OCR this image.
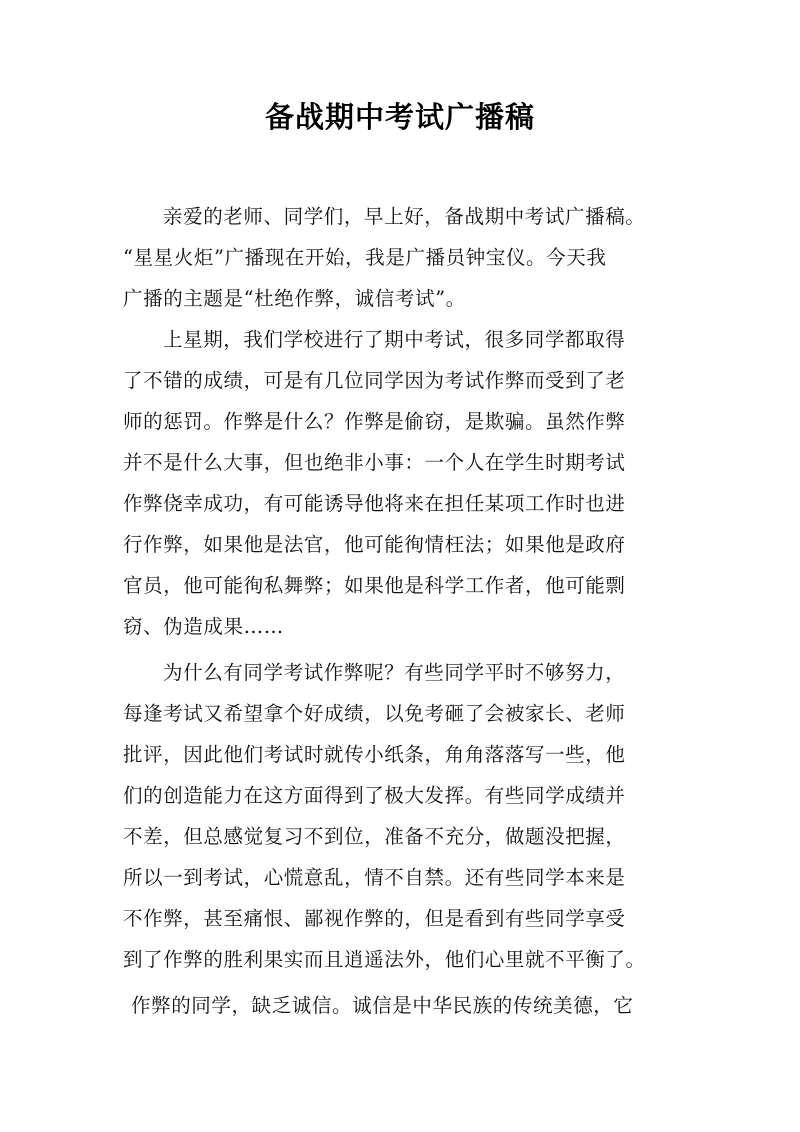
备战期中考试广播稿

亲爱的老师、同学们，早上好，备战期中考试广播稿。

“星星火炬”广播现在开始，我是广播员钟宝仪。今天我

广播的主题是“杜绝作弊，诚信考试”。

上星期，我们学校进行了期中考试，很多同学都取得

了不错的成绩，可是有几位同学因为考试作弊而受到了老

师的惩罚。作弊是什么？作弊是偷窃，是欺骗。虽然作弊

并不是什么大事，但也绝非小事：一个人在学生时期考试

作弊侥幸成功，有可能诱导他将来在担任某项工作时也进

行作弊，如果他是法官，他可能徇情枉法；如果他是政府

官员，他可能徇私舞弊；如果他是科学工作者，他可能剽

窃、伪造成果……

为什么有同学考试作弊呢？有些同学平时不够努力，

每逢考试又希望拿个好成绩，以免考砸了会被家长、老师

批评，因此他们考试时就传小纸条，角角落落写一些，他

们的创造能力在这方面得到了极大发挥。有些同学成绩并

不差，但总感觉复习不到位，准备不充分，做题没把握，

所以一到考试，心慌意乱，情不自禁。还有些同学本来是

不作弊，甚至痛恨、鄙视作弊的，但是看到有些同学享受

到了作弊的胜利果实而且逍遥法外，他们心里就不平衡了。

作弊的同学，缺乏诚信。诚信是中华民族的传统美德，它
